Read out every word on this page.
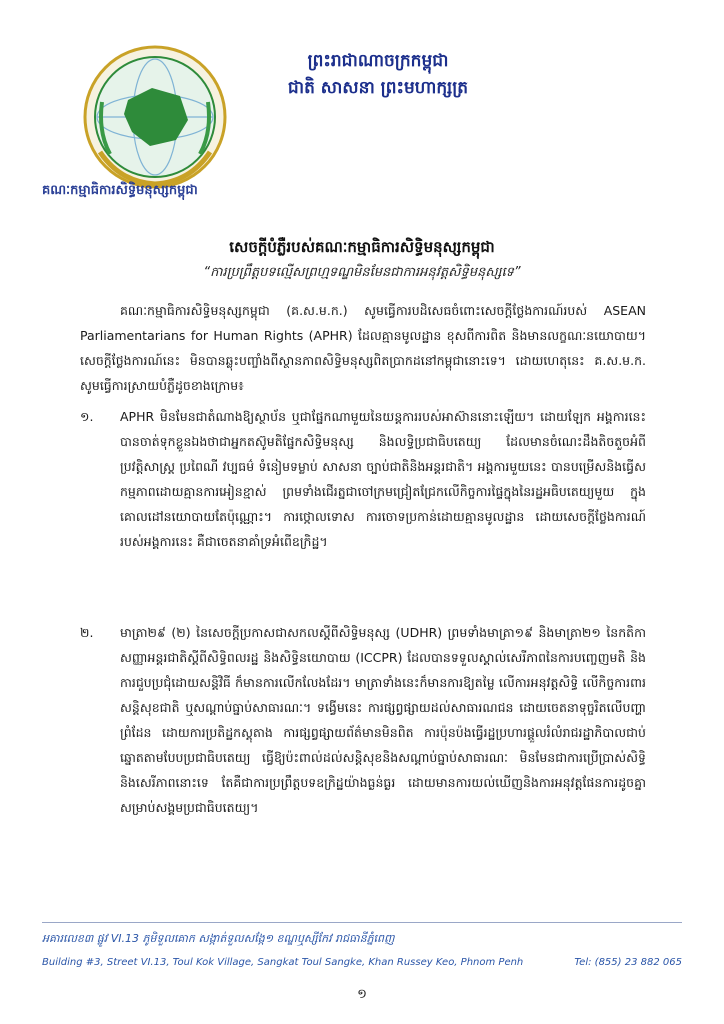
គណៈកម្មាធិការសិទ្ធិមនុស្សកម្ពុជា
ព្រះរាជាណាចក្រកម្ពុជា
ជាតិ សាសនា ព្រះមហាក្សត្រ
សេចក្តីបំភ្លឺរបស់គណៈកម្មាធិការសិទ្ធិមនុស្សកម្ពុជា
“ការប្រព្រឹត្តបទល្មើសព្រហ្មទណ្ឌមិនមែនជាការអនុវត្តសិទ្ធិមនុស្សទេ”
គណៈកម្មាធិការសិទ្ធិមនុស្សកម្ពុជា (គ.ស.ម.ក.) សូមធ្វើការបដិសេធចំពោះសេចក្តីថ្លែងការណ៍របស់ ASEAN Parliamentarians for Human Rights (APHR) ដែលគ្មានមូលដ្ឋាន ខុសពីការពិត និងមានលក្ខណៈនយោបាយ។ សេចក្តីថ្លែងការណ៍នេះ មិនបានឆ្លុះបញ្ចាំងពីស្ថានភាពសិទ្ធិមនុស្សពិតប្រាកដនៅកម្ពុជានោះទេ។ ដោយហេតុនេះ គ.ស.ម.ក. សូមធ្វើការស្រាយបំភ្លឺដូចខាងក្រោម៖
១.	APHR មិនមែនជាតំណាងឱ្យស្ថាប័ន ឬជាផ្នែកណាមួយនៃយន្តការរបស់អាស៊ាននោះឡើយ។ ដោយឡែក អង្គការនេះ បានចាត់ទុកខ្លួនឯងថាជាអ្នកតស៊ូមតិផ្នែកសិទ្ធិមនុស្ស និងលទ្ធិប្រជាធិបតេយ្យ ដែលមានចំណេះដឹងតិចតួចអំពីប្រវត្តិសាស្ត្រ ប្រពៃណី វប្បធម៌ ទំនៀមទម្លាប់ សាសនា ច្បាប់ជាតិនិងអន្តរជាតិ។ អង្គការមួយនេះ បានបម្រើសនិងធ្វើសកម្មភាពដោយគ្មានការអៀនខ្មាស់ ព្រមទាំងជើរត្នជាចៅក្រមជ្រៀតជ្រែកលើកិច្ចការផ្ទៃក្នុងនៃរដ្ឋអធិបតេយ្យមួយ ក្នុងគោលដៅនយោបាយតែប៉ុណ្ណោះ។ ការថ្កោលទោស ការចោទប្រកាន់ដោយគ្មានមូលដ្ឋាន ដោយសេចក្តីថ្លែងការណ៍របស់អង្គការនេះ គឺជាចេតនាគាំទ្រអំពើឧក្រិដ្ឋ។
២.	មាត្រា២៩ (២) នៃសេចក្តីប្រកាសជាសកលស្តីពីសិទ្ធិមនុស្ស (UDHR) ព្រមទាំងមាត្រា១៩ និងមាត្រា២១ នៃកតិកាសញ្ញាអន្តរជាតិស្តីពីសិទ្ធិពលរដ្ឋ និងសិទ្ធិនយោបាយ (ICCPR) ដែលបានទទួលស្គាល់សេរីភាពនៃការបញ្ចេញមតិ និងការជួបប្រជុំដោយសន្តិវិធី ក៏មានការលើកលែងដែរ។ មាត្រាទាំងនេះក៏មានការឱ្យតម្លៃ លើការអនុវត្តសិទ្ធិ លើកិច្ចការពារសន្តិសុខជាតិ ឬសណ្តាប់ធ្នាប់សាធារណៈ។ ទង្វើមនេះ ការផ្សព្វផ្សាយដល់សាធារណជន ដោយចេតនាទុច្ចរិតលើបញ្ហាព្រំដែន ដោយការប្រតិដ្ឋកស្តុតាង ការផ្សព្វផ្សាយព័ត៌មានមិនពិត ការប៉ុនប៉ងធ្វើរដ្ឋប្រហារផ្តួលរំលំរាជរដ្ឋាភិបាលជាប់ឆ្នោតតាមបែបប្រជាធិបតេយ្យ ធ្វើឱ្យប៉ះពាល់ដល់សន្តិសុខនិងសណ្តាប់ធ្នាប់សាធារណៈ មិនមែនជាការប្រើប្រាស់សិទ្ធិនិងសេរីភាពនោះទេ តែគឺជាការប្រព្រឹត្តបទឧក្រិដ្ឋយ៉ាងធ្ងន់ធ្ងរ ដោយមានការយល់ឃើញនិងការអនុវត្តផែនការដូចគ្នា សម្រាប់សង្គមប្រជាធិបតេយ្យ។
អគារលេខ៣ ផ្លូវ VI.13 ភូមិទួលគោក សង្កាត់ទួលសង្កែ១ ខណ្ឌឬស្សីកែវ រាជធានីភ្នំពេញ
Building #3, Street VI.13, Toul Kok Village, Sangkat Toul Sangke, Khan Russey Keo, Phnom Penh	Tel: (855) 23 882 065
១
